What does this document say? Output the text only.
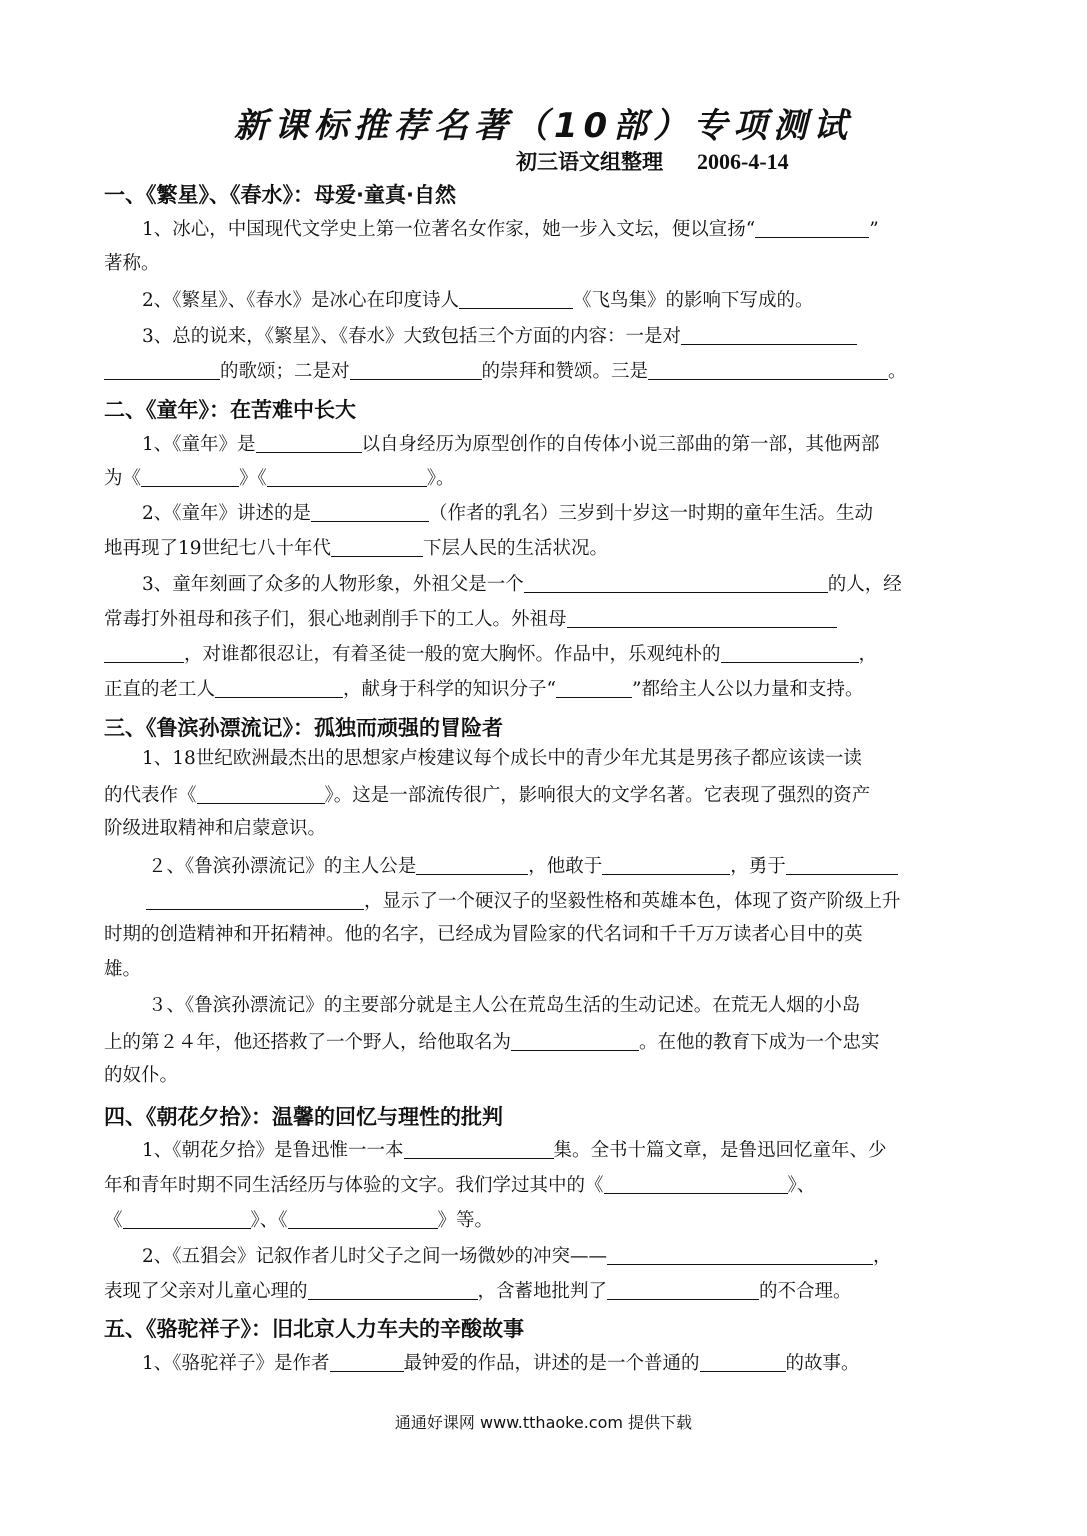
新课标推荐名著（10部）专项测试
初三语文组整理 2006-4-14
一、《繁星》、《春水》：母爱·童真·自然
1、冰心，中国现代文学史上第一位著名女作家，她一步入文坛，便以宣扬“	”
著称。
2、《繁星》、《春水》是冰心在印度诗人	《飞鸟集》的影响下写成的。
3、总的说来，《繁星》、《春水》大致包括三个方面的内容：一是对
的歌颂；二是对	的崇拜和赞颂。三是	。
二、《童年》：在苦难中长大
1、《童年》是	以自身经历为原型创作的自传体小说三部曲的第一部，其他两部
为《	》《	》。
2、《童年》讲述的是	（作者的乳名）三岁到十岁这一时期的童年生活。生动
地再现了19世纪七八十年代	下层人民的生活状况。
3、童年刻画了众多的人物形象，外祖父是一个	的人，经
常毒打外祖母和孩子们，狠心地剥削手下的工人。外祖母
，对谁都很忍让，有着圣徒一般的宽大胸怀。作品中，乐观纯朴的	，
正直的老工人	，献身于科学的知识分子“	”都给主人公以力量和支持。
三、《鲁滨孙漂流记》：孤独而顽强的冒险者
1、18世纪欧洲最杰出的思想家卢梭建议每个成长中的青少年尤其是男孩子都应该读一读
的代表作《	》。这是一部流传很广，影响很大的文学名著。它表现了强烈的资产
阶级进取精神和启蒙意识。
２、《鲁滨孙漂流记》的主人公是	，他敢于	，勇于
，显示了一个硬汉子的坚毅性格和英雄本色，体现了资产阶级上升
时期的创造精神和开拓精神。他的名字，已经成为冒险家的代名词和千千万万读者心目中的英
雄。
３、《鲁滨孙漂流记》的主要部分就是主人公在荒岛生活的生动记述。在荒无人烟的小岛
上的第２４年，他还搭救了一个野人，给他取名为	。在他的教育下成为一个忠实
的奴仆。
四、《朝花夕拾》：温馨的回忆与理性的批判
1、《朝花夕拾》是鲁迅惟一一本	集。全书十篇文章，是鲁迅回忆童年、少
年和青年时期不同生活经历与体验的文字。我们学过其中的《	》、
《	》、《	》等。
2、《五猖会》记叙作者儿时父子之间一场微妙的冲突——	，
表现了父亲对儿童心理的	，含蓄地批判了	的不合理。
五、《骆驼祥子》：旧北京人力车夫的辛酸故事
1、《骆驼祥子》是作者	最钟爱的作品，讲述的是一个普通的	的故事。
通通好课网 www.tthaoke.com 提供下载
